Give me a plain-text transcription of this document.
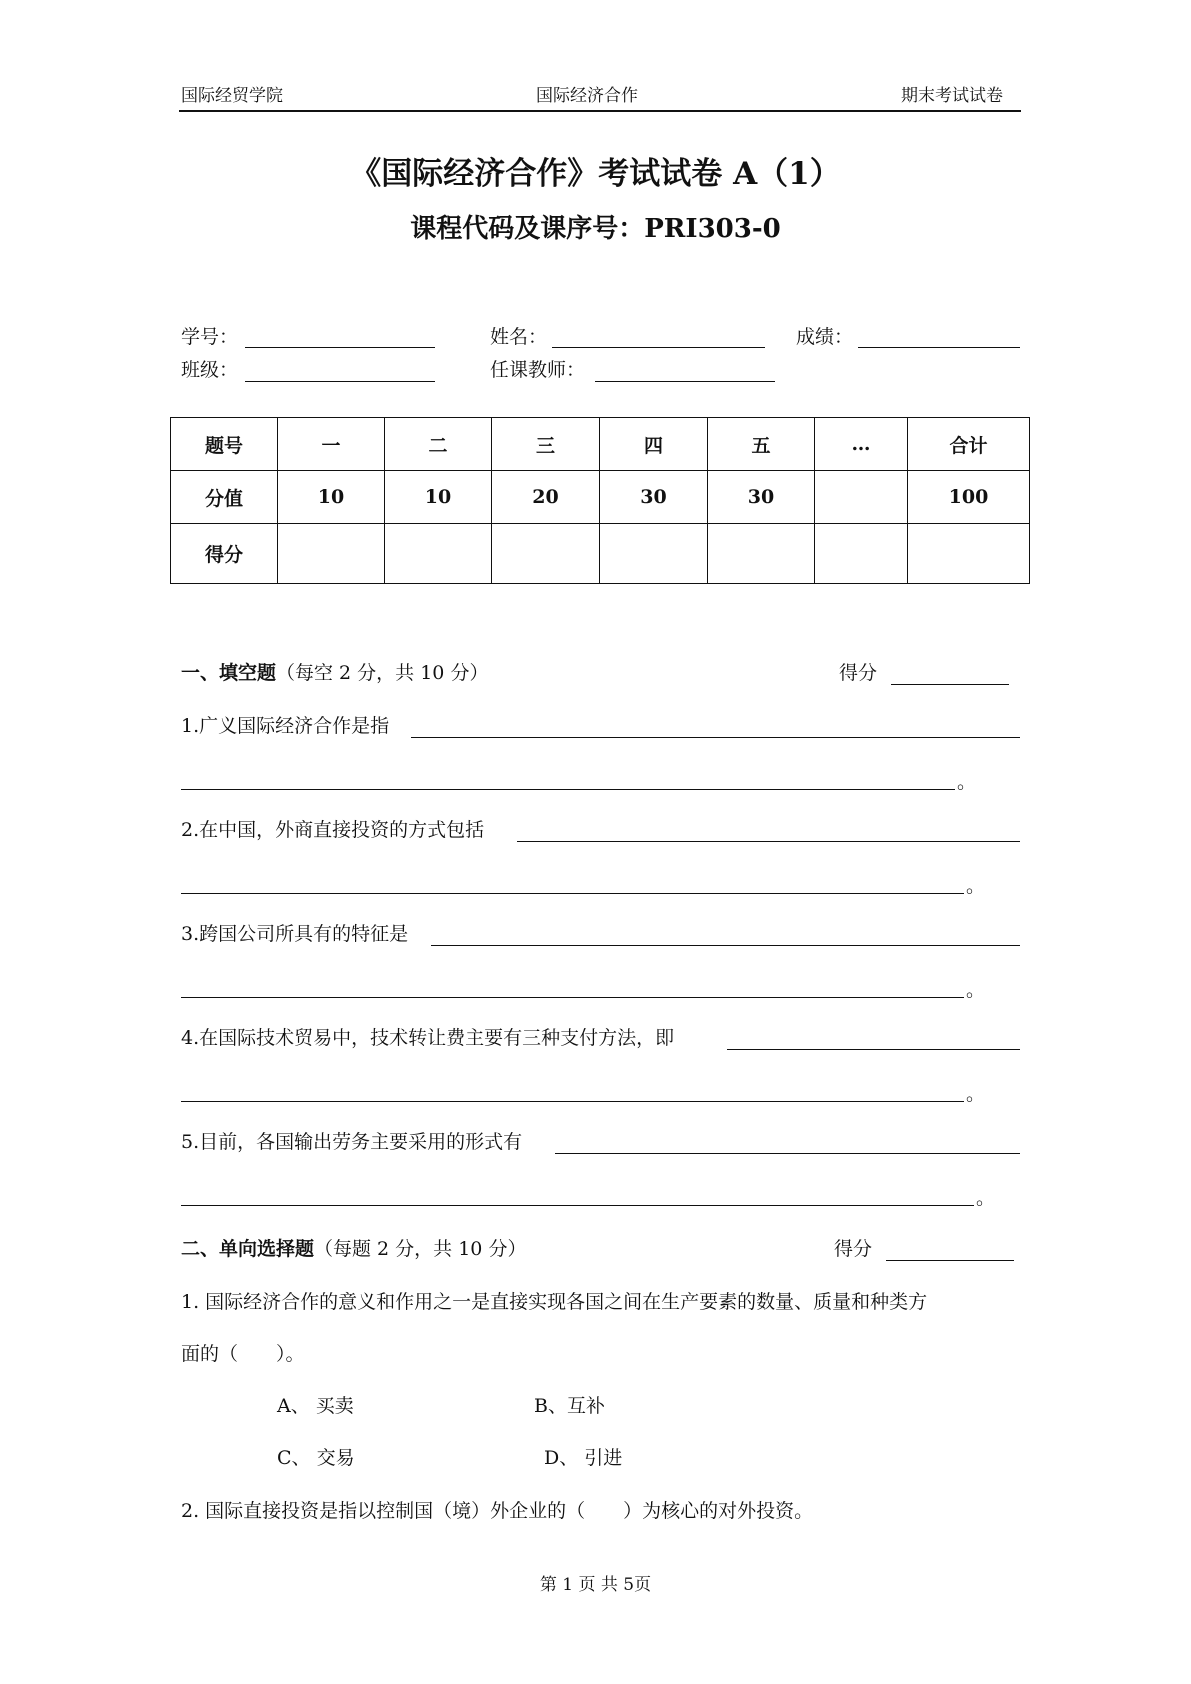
国际经贸学院	国际经济合作	期末考试试卷
《国际经济合作》考试试卷 A（1）
课程代码及课序号：PRI303-0
学号：	姓名：	成绩：
班级：	任课教师：
题号	一	二	三	四	五	…	合计
分值	10	10	20	30	30		100
得分							
一、填空题（每空 2 分，共 10 分）	得分
1.广义国际经济合作是指
。
2.在中国，外商直接投资的方式包括
。
3.跨国公司所具有的特征是
。
4.在国际技术贸易中，技术转让费主要有三种支付方法，即
。
5.目前，各国输出劳务主要采用的形式有
。
二、单向选择题（每题 2 分，共 10 分）	得分
1. 国际经济合作的意义和作用之一是直接实现各国之间在生产要素的数量、质量和种类方
面的（　　）。
A、 买卖	B、互补
C、 交易	D、 引进
2. 国际直接投资是指以控制国（境）外企业的（　　）为核心的对外投资。
第 1 页 共 5页
